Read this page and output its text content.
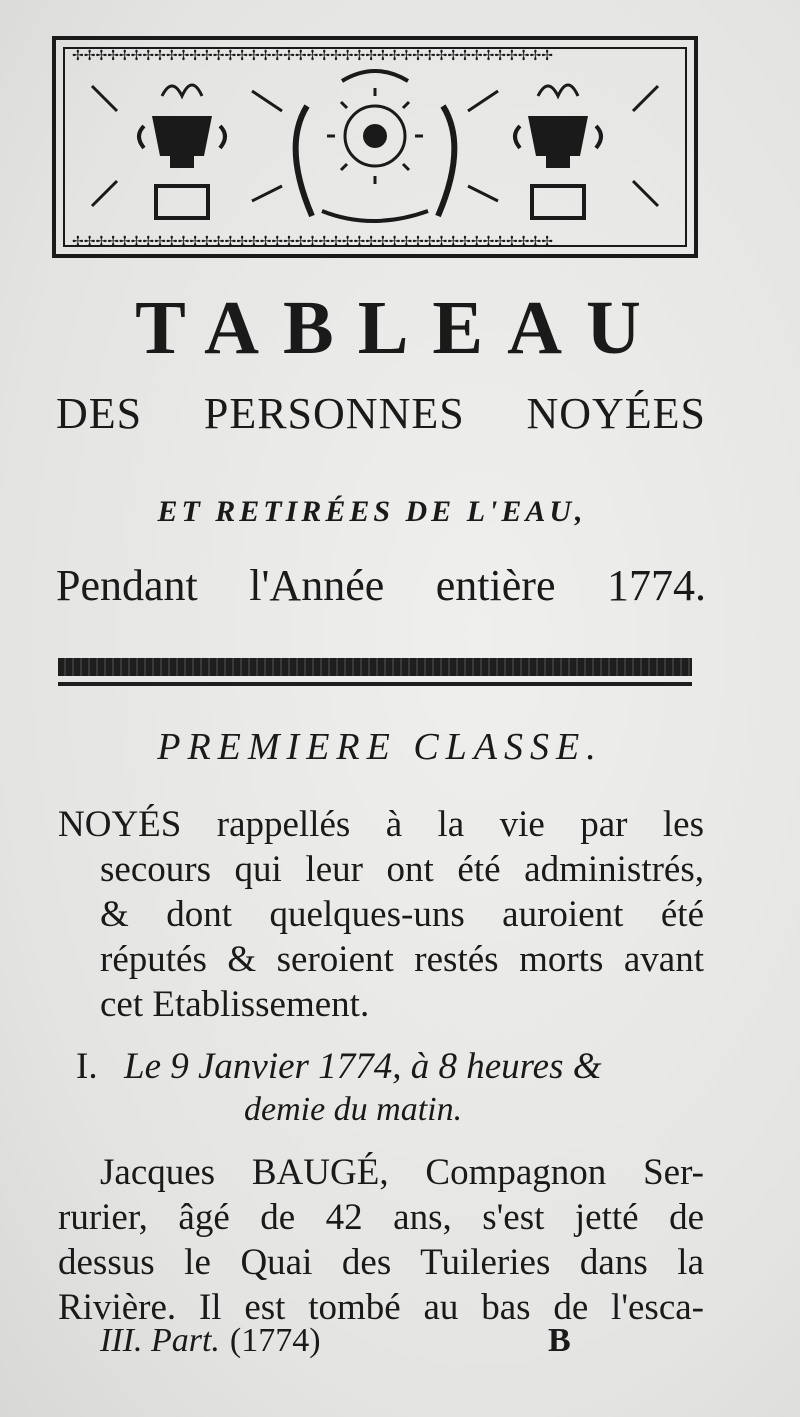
✢✢✢✢✢✢✢✢✢✢✢✢✢✢✢✢✢✢✢✢✢✢✢✢✢✢✢✢✢✢✢✢✢✢✢✢✢✢✢✢✢
✢✢✢✢✢✢✢✢✢✢✢✢✢✢✢✢✢✢✢✢✢✢✢✢✢✢✢✢✢✢✢✢✢✢✢✢✢✢✢✢✢
TABLEAU
DES PERSONNES NOYÉES
ET RETIRÉES DE L'EAU,
Pendant l'Année entière 1774.
PREMIERE CLASSE.

NOYÉS rappellés à la vie par les
secours qui leur ont été administrés,
& dont quelques-uns auroient été
réputés & seroient restés morts avant
cet Etablissement.

I. Le 9 Janvier 1774, à 8 heures &
demie du matin.

Jacques BAUGÉ, Compagnon Ser-
rurier, âgé de 42 ans, s'est jetté de
dessus le Quai des Tuileries dans la
Rivière. Il est tombé au bas de l'esca-

III. Part. (1774)	B
